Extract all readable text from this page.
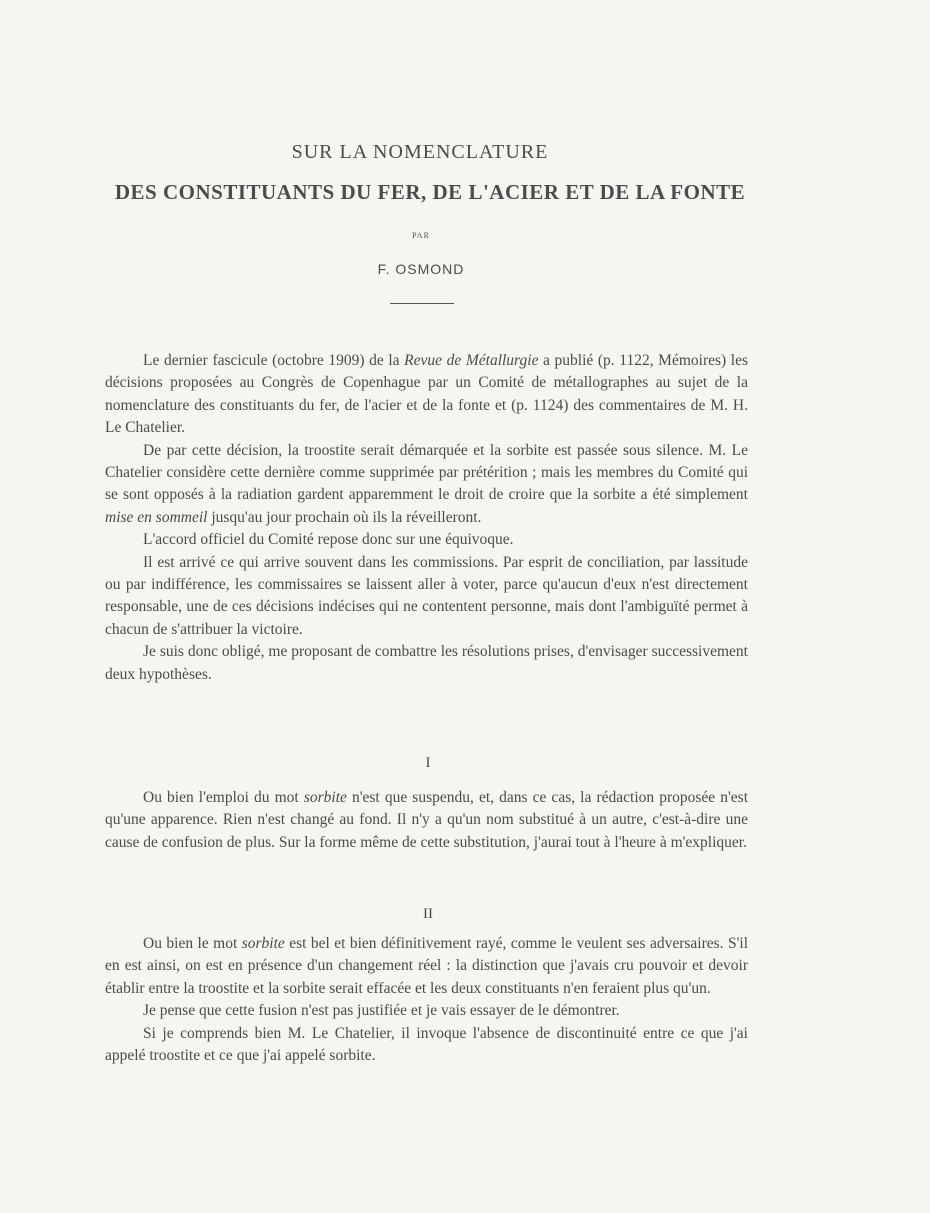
SUR LA NOMENCLATURE
DES CONSTITUANTS DU FER, DE L'ACIER ET DE LA FONTE
PAR
F. OSMOND

Le dernier fascicule (octobre 1909) de la Revue de Métallurgie a publié (p. 1122, Mémoires) les décisions proposées au Congrès de Copenhague par un Comité de métallographes au sujet de la nomenclature des constituants du fer, de l'acier et de la fonte et (p. 1124) des commentaires de M. H. Le Chatelier.

De par cette décision, la troostite serait démarquée et la sorbite est passée sous silence. M. Le Chatelier considère cette dernière comme supprimée par prétérition ; mais les membres du Comité qui se sont opposés à la radiation gardent apparemment le droit de croire que la sorbite a été simplement mise en sommeil jusqu'au jour prochain où ils la réveilleront.

L'accord officiel du Comité repose donc sur une équivoque.

Il est arrivé ce qui arrive souvent dans les commissions. Par esprit de conciliation, par lassitude ou par indifférence, les commissaires se laissent aller à voter, parce qu'aucun d'eux n'est directement responsable, une de ces décisions indécises qui ne contentent personne, mais dont l'ambiguïté permet à chacun de s'attribuer la victoire.

Je suis donc obligé, me proposant de combattre les résolutions prises, d'envisager successivement deux hypothèses.

I

Ou bien l'emploi du mot sorbite n'est que suspendu, et, dans ce cas, la rédaction proposée n'est qu'une apparence. Rien n'est changé au fond. Il n'y a qu'un nom substitué à un autre, c'est-à-dire une cause de confusion de plus. Sur la forme même de cette substitution, j'aurai tout à l'heure à m'expliquer.

II

Ou bien le mot sorbite est bel et bien définitivement rayé, comme le veulent ses adversaires. S'il en est ainsi, on est en présence d'un changement réel : la distinction que j'avais cru pouvoir et devoir établir entre la troostite et la sorbite serait effacée et les deux constituants n'en feraient plus qu'un.

Je pense que cette fusion n'est pas justifiée et je vais essayer de le démontrer.

Si je comprends bien M. Le Chatelier, il invoque l'absence de discontinuité entre ce que j'ai appelé troostite et ce que j'ai appelé sorbite.
